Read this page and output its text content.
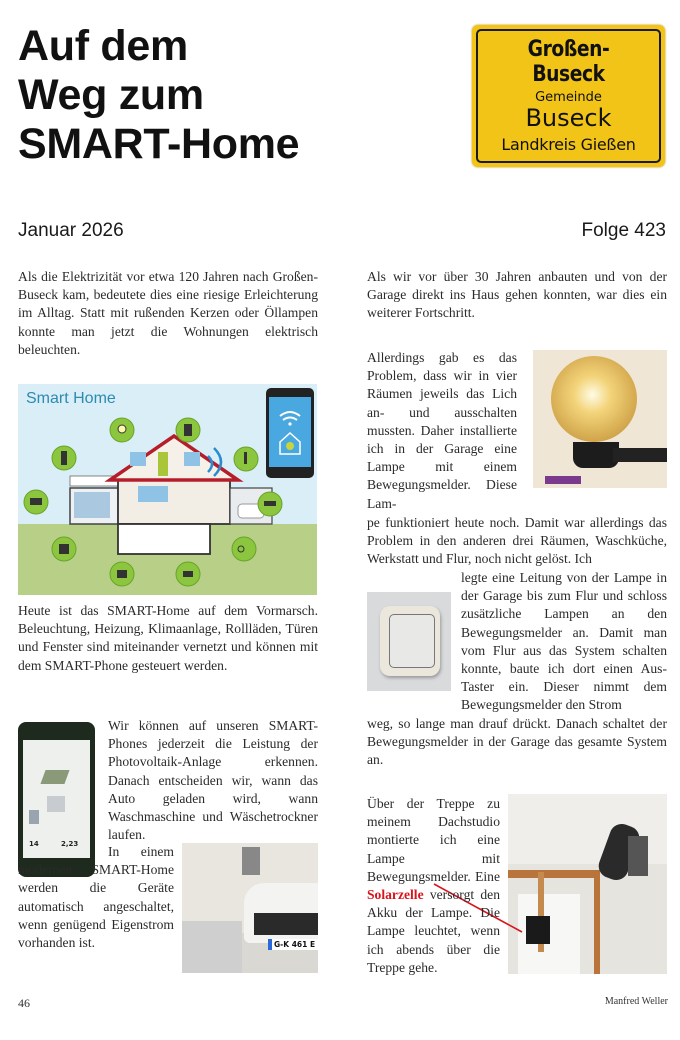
Auf dem
Weg zum
SMART-Home
Großen-Buseck
Gemeinde
Buseck
Landkreis Gießen
Januar 2026	Folge 423

Als die Elektrizität vor etwa 120 Jahren nach Großen-Buseck kam, bedeutete dies eine riesige Erleichterung im Alltag. Statt mit rußenden Kerzen oder Öllampen konnte man jetzt die Wohnungen elektrisch beleuchten.

Smart Home

Heute ist das SMART-Home auf dem Vormarsch. Beleuchtung, Heizung, Klimaanlage, Rollläden, Türen und Fenster sind miteinander vernetzt und können mit dem SMART-Phone gesteuert werden.

14	2,23

Wir können auf unseren SMART-Phones jederzeit die Leistung der Photovoltaik-Anlage erkennen. Danach entscheiden wir, wann das Auto geladen wird, wann Waschmaschine und Wäschetrockner laufen.

G-K 461 E

In einem modernen SMART-Home werden die Geräte automatisch angeschaltet, wenn genügend Eigenstrom vorhanden ist.

Als wir vor über 30 Jahren anbauten und von der Garage direkt ins Haus gehen konnten, war dies ein weiterer Fortschritt.

Allerdings gab es das Problem, dass wir in vier Räumen jeweils das Lich an- und ausschalten mussten. Daher installierte ich in der Garage eine Lampe mit einem Bewegungsmelder. Diese Lam-

pe funktioniert heute noch. Damit war allerdings das Problem in den anderen drei Räumen, Waschküche, Werkstatt und Flur, noch nicht gelöst. Ich

legte eine Leitung von der Lampe in der Garage bis zum Flur und schloss zusätzliche Lampen an den Bewegungsmelder an. Damit man vom Flur aus das System schalten konnte, baute ich dort einen Aus-Taster ein. Dieser nimmt dem Bewegungsmelder den Strom

weg, so lange man drauf drückt. Danach schaltet der Bewegungsmelder in der Garage das gesamte System an.

Über der Treppe zu meinem Dachstudio montierte ich eine Lampe mit Bewegungsmelder. Eine Solarzelle versorgt den Akku der Lampe. Die Lampe leuchtet, wenn ich abends über die Treppe gehe.

46	Manfred Weller
